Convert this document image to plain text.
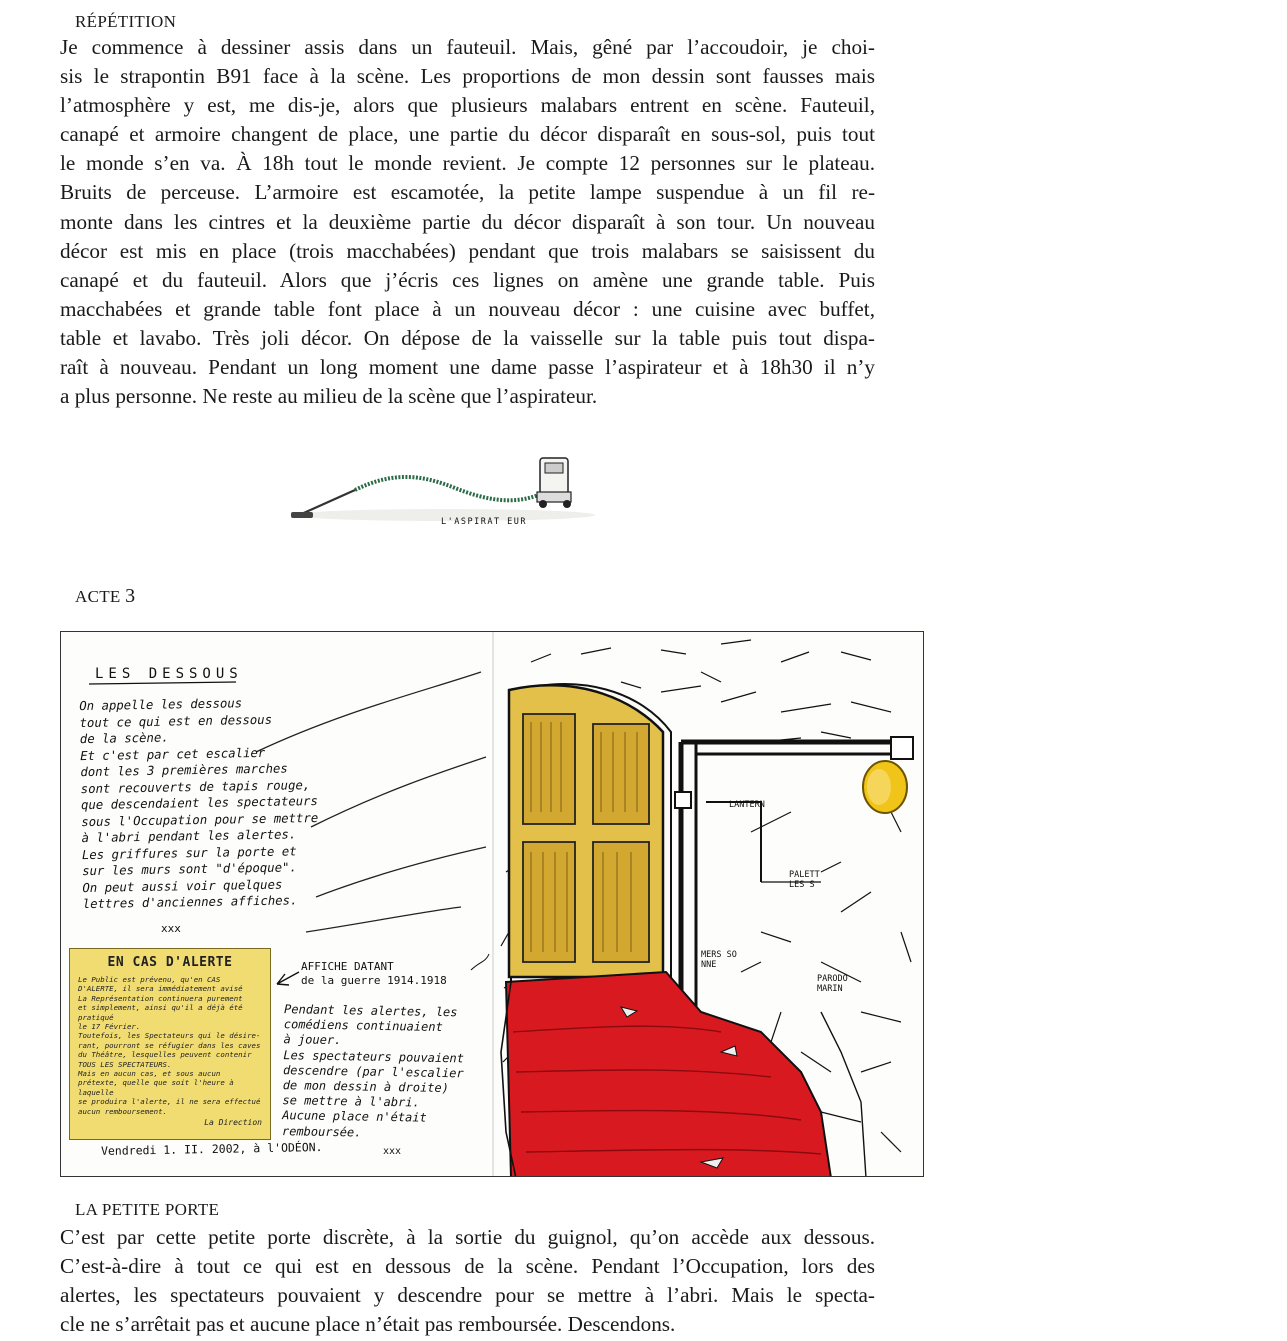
RÉPÉTITION

Je commence à dessiner assis dans un fauteuil. Mais, gêné par l’accoudoir, je choi-
sis le strapontin B91 face à la scène. Les proportions de mon dessin sont fausses mais
l’atmosphère y est, me dis-je, alors que plusieurs malabars entrent en scène. Fauteuil,
canapé et armoire changent de place, une partie du décor disparaît en sous-sol, puis tout
le monde s’en va. À 18h tout le monde revient. Je compte 12 personnes sur le plateau.
Bruits de perceuse. L’armoire est escamotée, la petite lampe suspendue à un fil re-
monte dans les cintres et la deuxième partie du décor disparaît à son tour. Un nouveau
décor est mis en place (trois macchabées) pendant que trois malabars se saisissent du
canapé et du fauteuil. Alors que j’écris ces lignes on amène une grande table. Puis
macchabées et grande table font place à un nouveau décor : une cuisine avec buffet,
table et lavabo. Très joli décor. On dépose de la vaisselle sur la table puis tout dispa-
raît à nouveau. Pendant un long moment une dame passe l’aspirateur et à 18h30 il n’y
a plus personne. Ne reste au milieu de la scène que l’aspirateur.

L'ASPIRAT EUR
ACTE 3
LES DESSOUS
On appelle les dessous
tout ce qui est en dessous
de la scène.
Et c'est par cet escalier
dont les 3 premières marches
sont recouverts de tapis rouge,
que descendaient les spectateurs
sous l'Occupation pour se mettre
à l'abri pendant les alertes.
Les griffures sur la porte et
sur les murs sont "d'époque".
On peut aussi voir quelques
lettres d'anciennes affiches.
xxx
EN CAS D'ALERTE
Le Public est prévenu, qu'en CAS
D'ALERTE, il sera immédiatement avisé
La Représentation continuera purement
et simplement, ainsi qu'il a déjà été pratiqué
le 17 Février.
Toutefois, les Spectateurs qui le désire-
rant, pourront se réfugier dans les caves
du Théâtre, lesquelles peuvent contenir
TOUS LES SPECTATEURS.
Mais en aucun cas, et sous aucun
prétexte, quelle que soit l'heure à laquelle
se produira l'alerte, il ne sera effectué
aucun remboursement.
La Direction
AFFICHE DATANT
de la guerre 1914.1918
Pendant les alertes, les
comédiens continuaient
à jouer.
Les spectateurs pouvaient
descendre (par l'escalier
de mon dessin à droite)
se mettre à l'abri.
Aucune place n'était
remboursée.
xxx
Vendredi 1. II. 2002, à l'ODÉON.
LANTERN
PALETT
LES S
MERS SO
NNE
PARODO
MARIN
LA PETITE PORTE

C’est par cette petite porte discrète, à la sortie du guignol, qu’on accède aux dessous.
C’est-à-dire à tout ce qui est en dessous de la scène. Pendant l’Occupation, lors des
alertes, les spectateurs pouvaient y descendre pour se mettre à l’abri. Mais le specta-
cle ne s’arrêtait pas et aucune place n’était pas remboursée. Descendons.
